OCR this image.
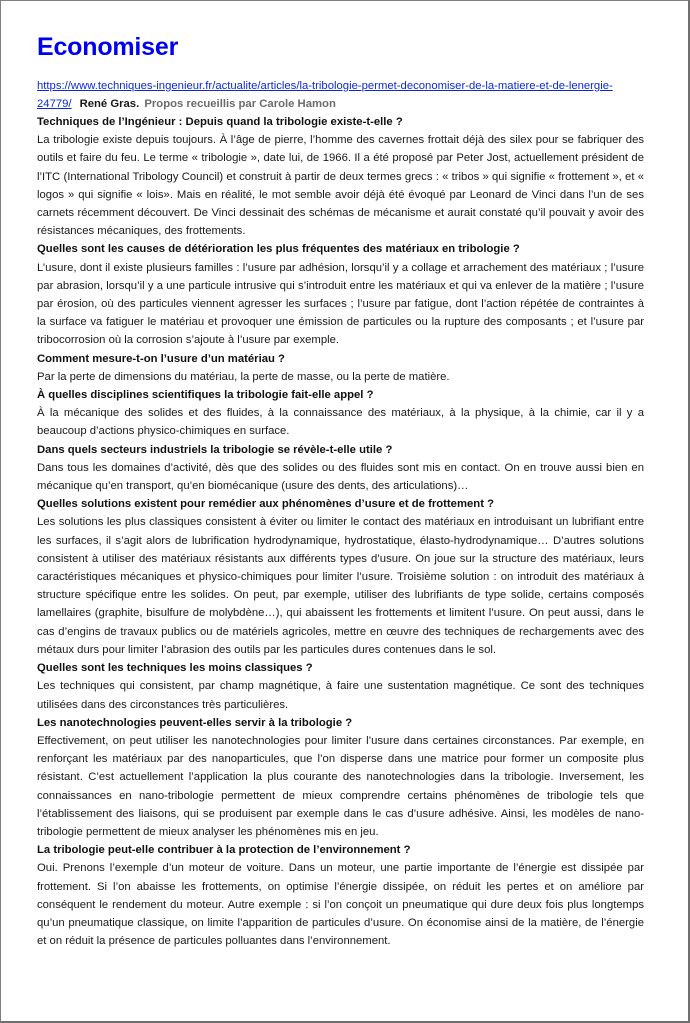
Economiser
https://www.techniques-ingenieur.fr/actualite/articles/la-tribologie-permet-deconomiser-de-la-matiere-et-de-lenergie-
24779/ René Gras. Propos recueillis par Carole Hamon

Techniques de l’Ingénieur : Depuis quand la tribologie existe-t-elle ?

La tribologie existe depuis toujours. À l’âge de pierre, l’homme des cavernes frottait déjà des silex pour se fabriquer des outils et faire du feu. Le terme « tribologie », date lui, de 1966. Il a été proposé par Peter Jost, actuellement président de l’ITC (International Tribology Council) et construit à partir de deux termes grecs : « tribos » qui signifie « frottement », et « logos » qui signifie « lois». Mais en réalité, le mot semble avoir déjà été évoqué par Leonard de Vinci dans l’un de ses carnets récemment découvert. De Vinci dessinait des schémas de mécanisme et aurait constaté qu’il pouvait y avoir des résistances mécaniques, des frottements.

Quelles sont les causes de détérioration les plus fréquentes des matériaux en tribologie ?

L’usure, dont il existe plusieurs familles : l’usure par adhésion, lorsqu’il y a collage et arrachement des matériaux ; l’usure par abrasion, lorsqu’il y a une particule intrusive qui s’introduit entre les matériaux et qui va enlever de la matière ; l’usure par érosion, où des particules viennent agresser les surfaces ; l’usure par fatigue, dont l’action répétée de contraintes à la surface va fatiguer le matériau et provoquer une émission de particules ou la rupture des composants ; et l’usure par tribocorrosion où la corrosion s’ajoute à l’usure par exemple.

Comment mesure-t-on l’usure d’un matériau ?

Par la perte de dimensions du matériau, la perte de masse, ou la perte de matière.

À quelles disciplines scientifiques la tribologie fait-elle appel ?

À la mécanique des solides et des fluides, à la connaissance des matériaux, à la physique, à la chimie, car il y a beaucoup d’actions physico-chimiques en surface.

Dans quels secteurs industriels la tribologie se révèle-t-elle utile ?

Dans tous les domaines d’activité, dès que des solides ou des fluides sont mis en contact. On en trouve aussi bien en mécanique qu’en transport, qu’en biomécanique (usure des dents, des articulations)…

Quelles solutions existent pour remédier aux phénomènes d’usure et de frottement ?

Les solutions les plus classiques consistent à éviter ou limiter le contact des matériaux en introduisant un lubrifiant entre les surfaces, il s’agit alors de lubrification hydrodynamique, hydrostatique, élasto-hydrodynamique… D’autres solutions consistent à utiliser des matériaux résistants aux différents types d’usure. On joue sur la structure des matériaux, leurs caractéristiques mécaniques et physico-chimiques pour limiter l’usure. Troisième solution : on introduit des matériaux à structure spécifique entre les solides. On peut, par exemple, utiliser des lubrifiants de type solide, certains composés lamellaires (graphite, bisulfure de molybdène…), qui abaissent les frottements et limitent l’usure. On peut aussi, dans le cas d’engins de travaux publics ou de matériels agricoles, mettre en œuvre des techniques de rechargements avec des métaux durs pour limiter l’abrasion des outils par les particules dures contenues dans le sol.

Quelles sont les techniques les moins classiques ?

Les techniques qui consistent, par champ magnétique, à faire une sustentation magnétique. Ce sont des techniques utilisées dans des circonstances très particulières.

Les nanotechnologies peuvent-elles servir à la tribologie ?

Effectivement, on peut utiliser les nanotechnologies pour limiter l’usure dans certaines circonstances. Par exemple, en renforçant les matériaux par des nanoparticules, que l’on disperse dans une matrice pour former un composite plus résistant. C’est actuellement l’application la plus courante des nanotechnologies dans la tribologie. Inversement, les connaissances en nano-tribologie permettent de mieux comprendre certains phénomènes de tribologie tels que l’établissement des liaisons, qui se produisent par exemple dans le cas d’usure adhésive. Ainsi, les modèles de nano-tribologie permettent de mieux analyser les phénomènes mis en jeu.

La tribologie peut-elle contribuer à la protection de l’environnement ?

Oui. Prenons l’exemple d’un moteur de voiture. Dans un moteur, une partie importante de l’énergie est dissipée par frottement. Si l’on abaisse les frottements, on optimise l’énergie dissipée, on réduit les pertes et on améliore par conséquent le rendement du moteur. Autre exemple : si l’on conçoit un pneumatique qui dure deux fois plus longtemps qu’un pneumatique classique, on limite l’apparition de particules d’usure. On économise ainsi de la matière, de l’énergie et on réduit la présence de particules polluantes dans l’environnement.
